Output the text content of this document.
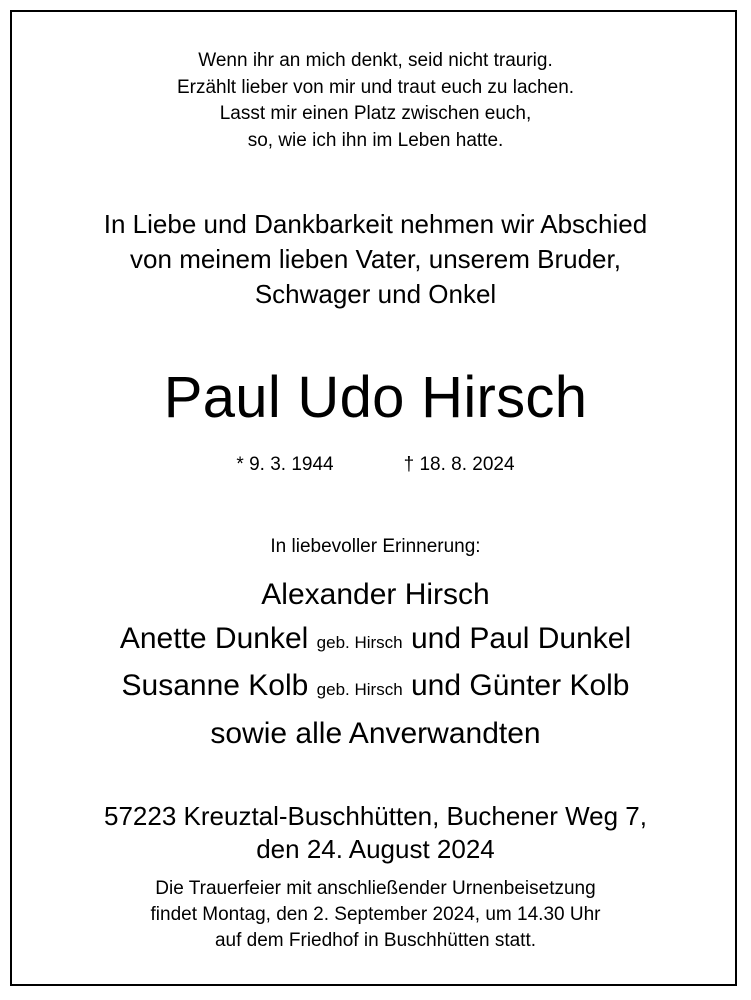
Wenn ihr an mich denkt, seid nicht traurig.
Erzählt lieber von mir und traut euch zu lachen.
Lasst mir einen Platz zwischen euch,
so, wie ich ihn im Leben hatte.
In Liebe und Dankbarkeit nehmen wir Abschied
von meinem lieben Vater, unserem Bruder,
Schwager und Onkel
Paul Udo Hirsch
* 9. 3. 1944	† 18. 8. 2024
In liebevoller Erinnerung:
Alexander Hirsch
Anette Dunkel geb. Hirsch und Paul Dunkel
Susanne Kolb geb. Hirsch und Günter Kolb
sowie alle Anverwandten
57223 Kreuztal-Buschhütten, Buchener Weg 7,
den 24. August 2024
Die Trauerfeier mit anschließender Urnenbeisetzung
findet Montag, den 2. September 2024, um 14.30 Uhr
auf dem Friedhof in Buschhütten statt.
